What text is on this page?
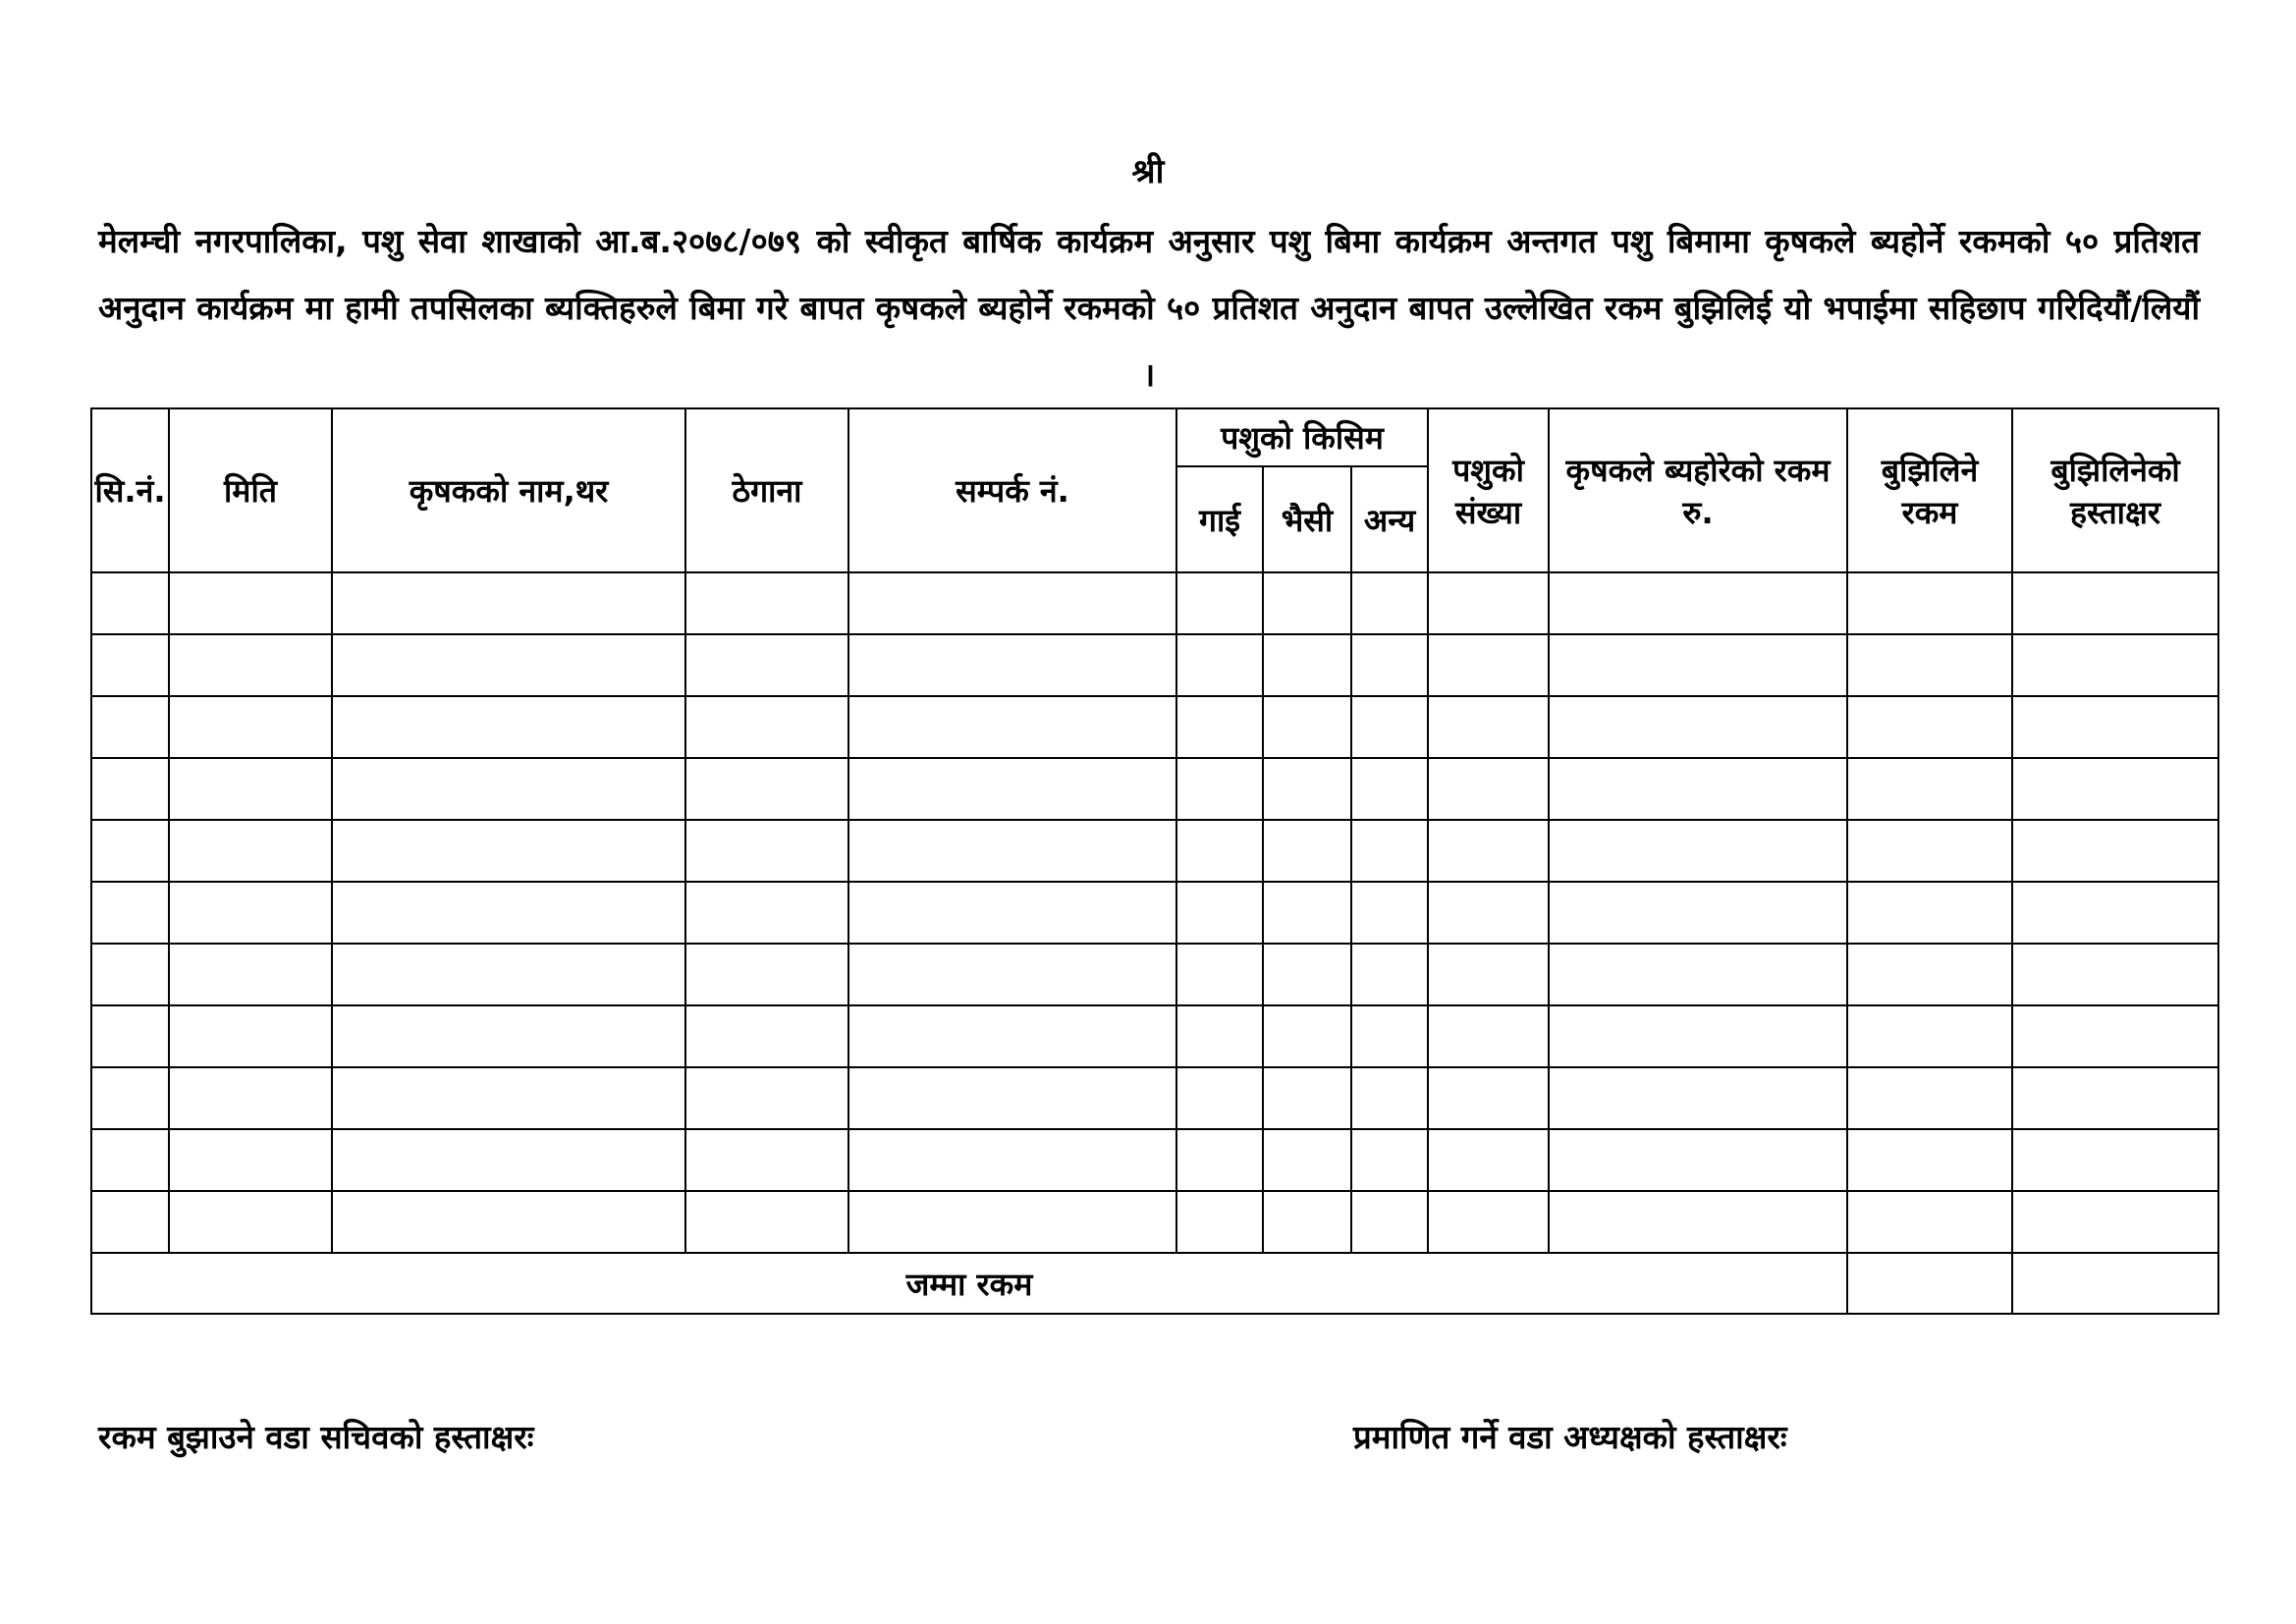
श्री
मेलम्ची नगरपालिका, पशु सेवा शाखाको आ.ब.२०७८/०७९ को स्वीकृत बार्षिक कार्यक्रम अनुसार पशु बिमा कार्यक्रम अन्तगत पशु बिमामा कृषकले ब्यहोर्ने रकमको ५० प्रतिशत अनुदान कार्यक्रम मा हामी तपसिलका ब्यक्तिहरुले बिमा गरे बापत कृषकले ब्यहोर्ने रकमको ५० प्रतिशत अनुदान बापत उल्लेखित रकम बुझिलिई यो भपाईमा सहिछाप गरिदियौं/लियौं ।
सि.नं.	मिति	कृषकको नाम,थर	ठेगाना	सम्पर्क नं.	पशुको किसिम			पशुको संख्या	कृषकले ब्यहोरेको रकम रु.	बुझिलिने रकम	बुझिलिनेको हस्ताक्षर
					गाई	भैसी	अन्य				

जम्मा रकम											
रकम बुझाउने वडा सचिवको हस्ताक्षरः	प्रमाणित गर्ने वडा अध्यक्षको हस्ताक्षरः
